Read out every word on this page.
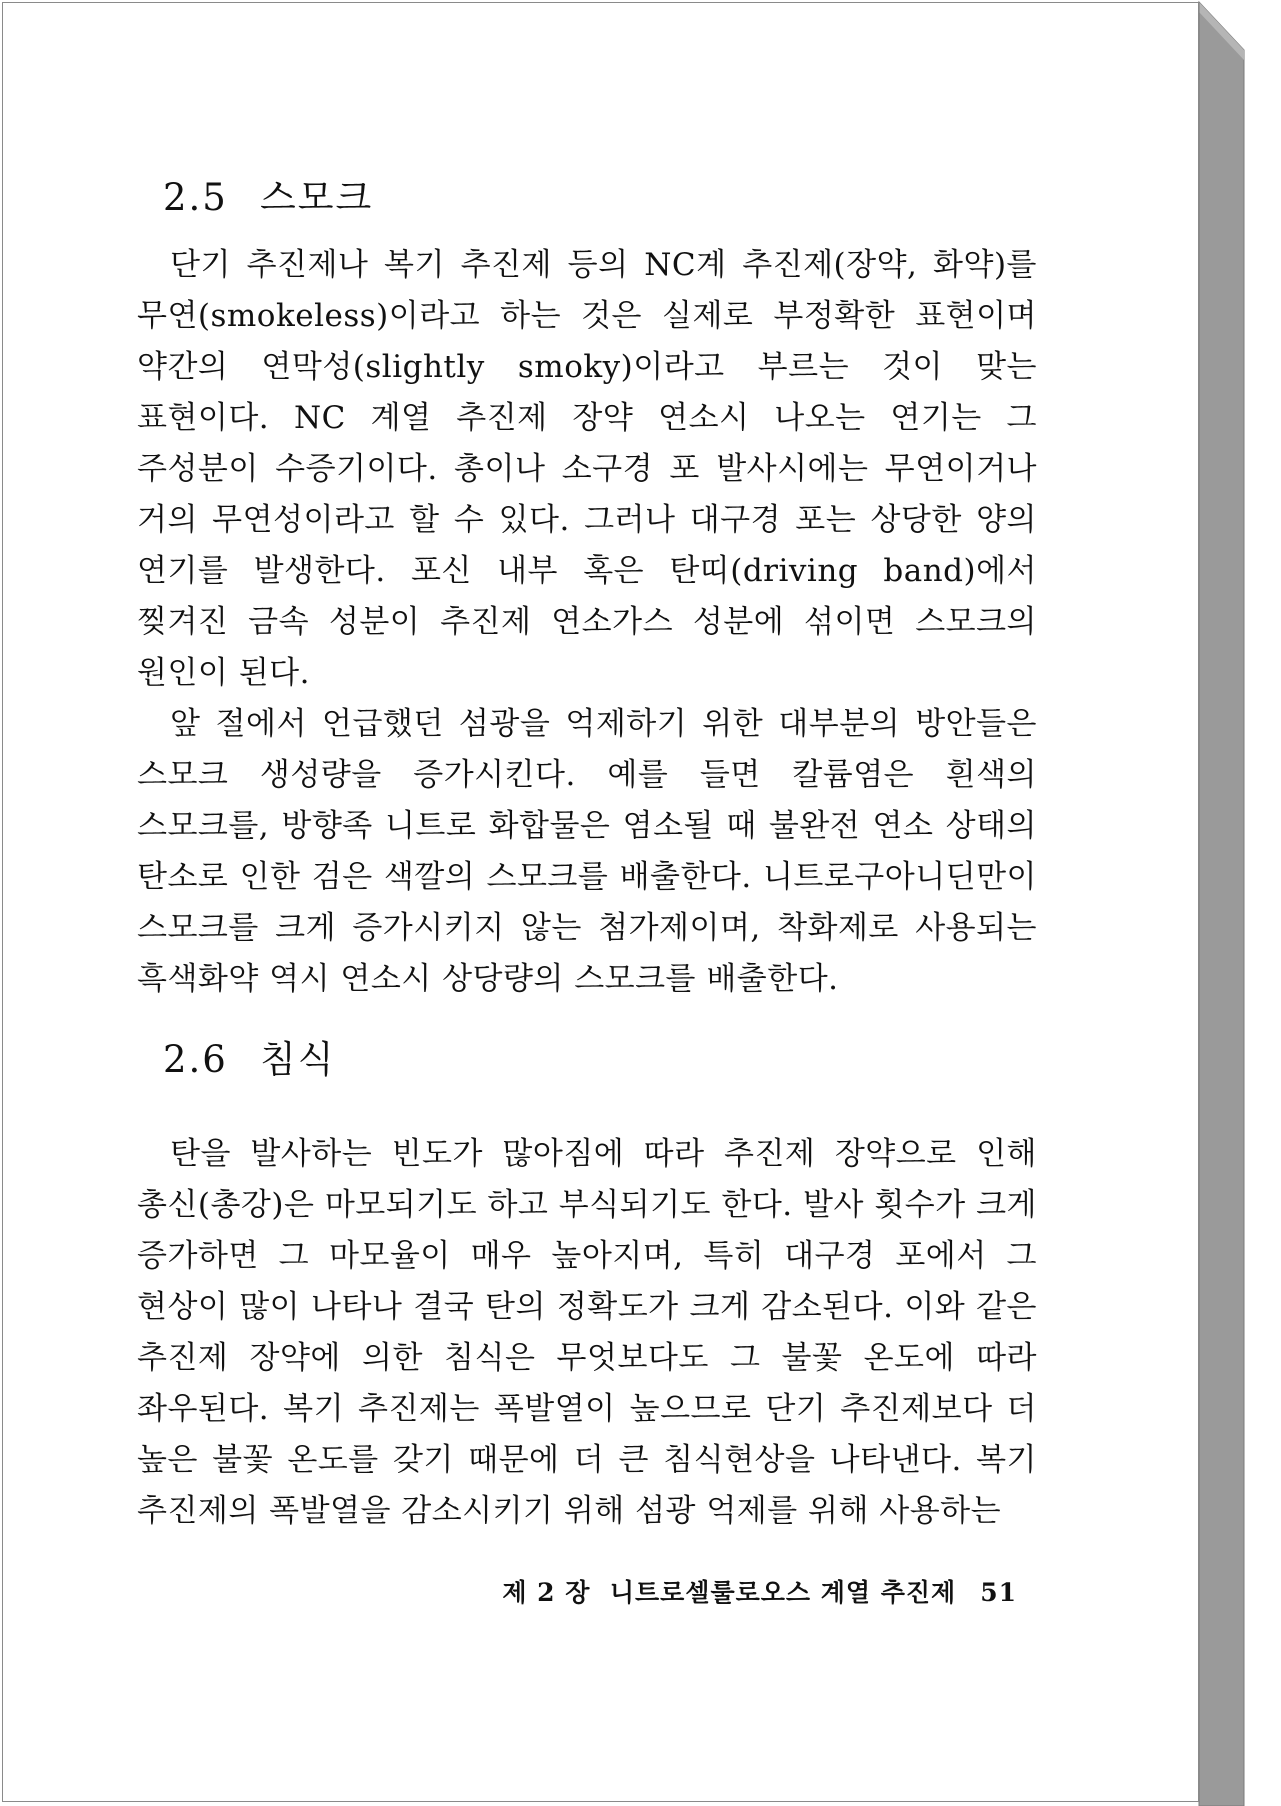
2.5 스모크

단기 추진제나 복기 추진제 등의 NC계 추진제(장약, 화약)를 무연(smokeless)이라고 하는 것은 실제로 부정확한 표현이며 약간의 연막성(slightly smoky)이라고 부르는 것이 맞는 표현이다. NC 계열 추진제 장약 연소시 나오는 연기는 그 주성분이 수증기이다. 총이나 소구경 포 발사시에는 무연이거나 거의 무연성이라고 할 수 있다. 그러나 대구경 포는 상당한 양의 연기를 발생한다. 포신 내부 혹은 탄띠(driving band)에서 찢겨진 금속 성분이 추진제 연소가스 성분에 섞이면 스모크의 원인이 된다.

앞 절에서 언급했던 섬광을 억제하기 위한 대부분의 방안들은 스모크 생성량을 증가시킨다. 예를 들면 칼륨염은 흰색의 스모크를, 방향족 니트로 화합물은 염소될 때 불완전 연소 상태의 탄소로 인한 검은 색깔의 스모크를 배출한다. 니트로구아니딘만이 스모크를 크게 증가시키지 않는 첨가제이며, 착화제로 사용되는 흑색화약 역시 연소시 상당량의 스모크를 배출한다.

2.6 침식

탄을 발사하는 빈도가 많아짐에 따라 추진제 장약으로 인해 총신(총강)은 마모되기도 하고 부식되기도 한다. 발사 횟수가 크게 증가하면 그 마모율이 매우 높아지며, 특히 대구경 포에서 그 현상이 많이 나타나 결국 탄의 정확도가 크게 감소된다. 이와 같은 추진제 장약에 의한 침식은 무엇보다도 그 불꽃 온도에 따라 좌우된다. 복기 추진제는 폭발열이 높으므로 단기 추진제보다 더 높은 불꽃 온도를 갖기 때문에 더 큰 침식현상을 나타낸다. 복기 추진제의 폭발열을 감소시키기 위해 섬광 억제를 위해 사용하는

제 2 장  니트로셀룰로오스 계열 추진제 51
